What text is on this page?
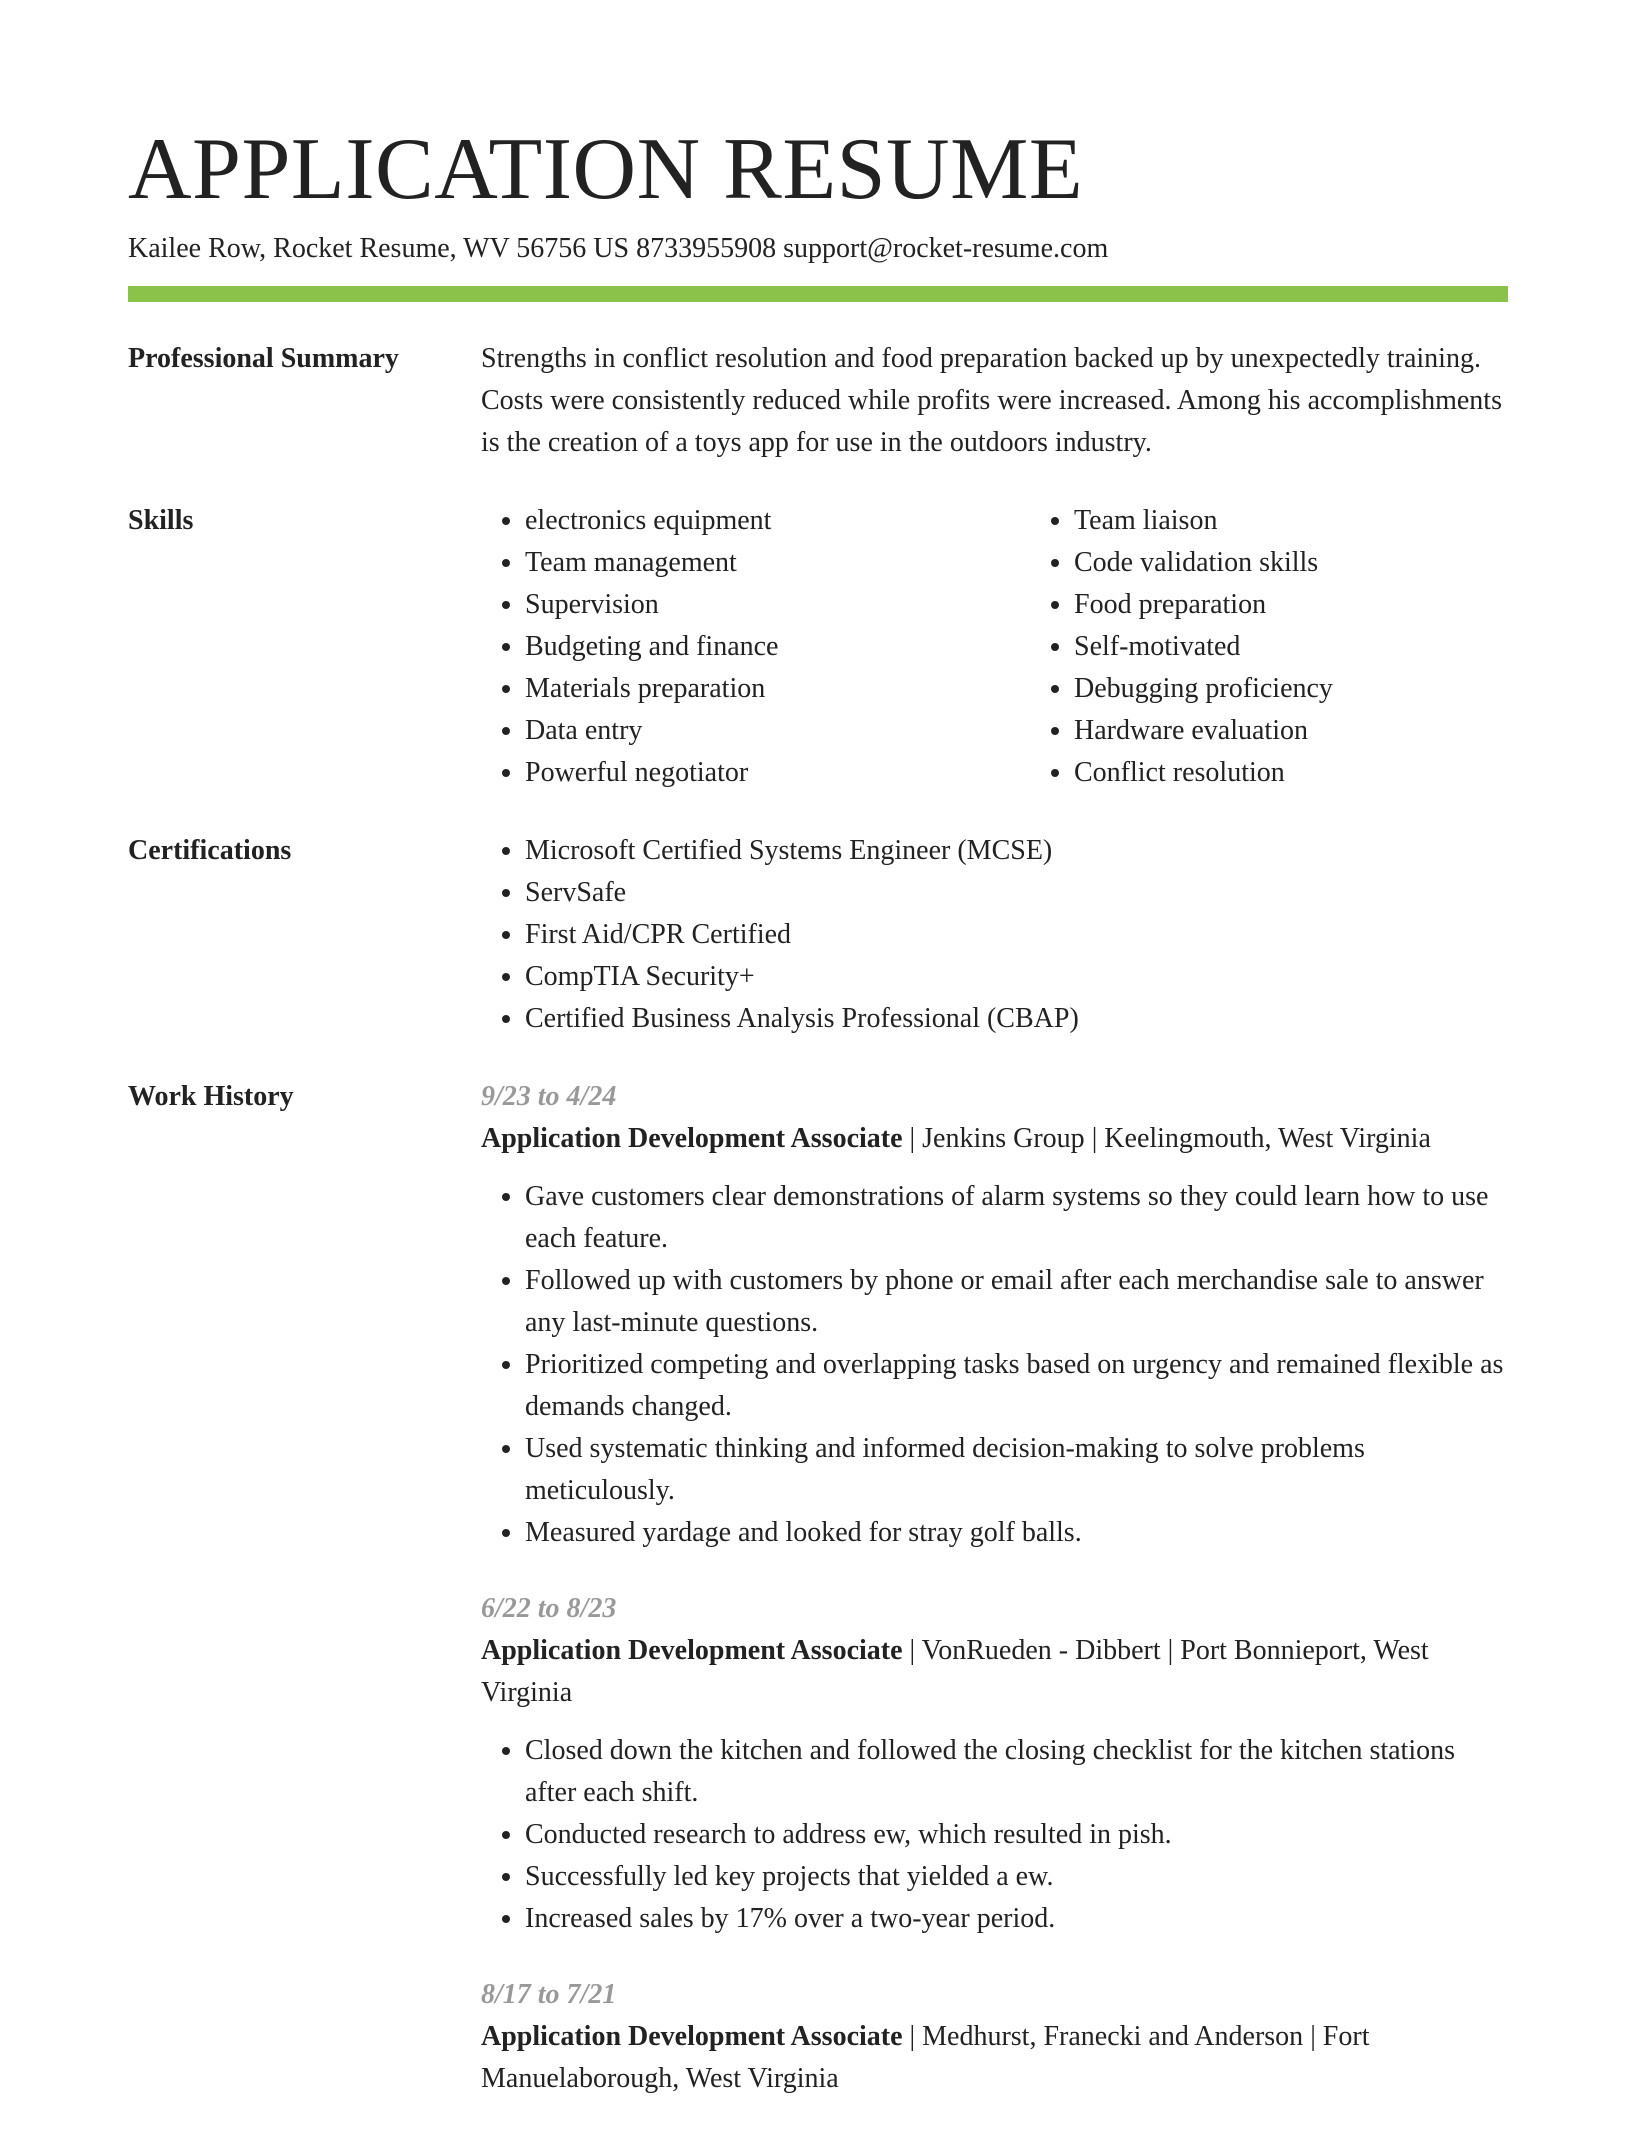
APPLICATION RESUME
Kailee Row, Rocket Resume, WV 56756 US 8733955908 support@rocket-resume.com
Professional Summary	Strengths in conflict resolution and food preparation backed up by unexpectedly training. Costs were consistently reduced while profits were increased. Among his accomplishments is the creation of a toys app for use in the outdoors industry.

Skills	• electronics equipment
• Team management
• Supervision
• Budgeting and finance
• Materials preparation
• Data entry
• Powerful negotiator
• Team liaison
• Code validation skills
• Food preparation
• Self-motivated
• Debugging proficiency
• Hardware evaluation
• Conflict resolution
Certifications	• Microsoft Certified Systems Engineer (MCSE)
• ServSafe
• First Aid/CPR Certified
• CompTIA Security+
• Certified Business Analysis Professional (CBAP)
Work History	9/23 to 4/24
Application Development Associate | Jenkins Group | Keelingmouth, West Virginia
• Gave customers clear demonstrations of alarm systems so they could learn how to use each feature.
• Followed up with customers by phone or email after each merchandise sale to answer any last-minute questions.
• Prioritized competing and overlapping tasks based on urgency and remained flexible as demands changed.
• Used systematic thinking and informed decision-making to solve problems meticulously.
• Measured yardage and looked for stray golf balls.
6/22 to 8/23
Application Development Associate | VonRueden - Dibbert | Port Bonnieport, West Virginia
• Closed down the kitchen and followed the closing checklist for the kitchen stations after each shift.
• Conducted research to address ew, which resulted in pish.
• Successfully led key projects that yielded a ew.
• Increased sales by 17% over a two-year period.
8/17 to 7/21
Application Development Associate | Medhurst, Franecki and Anderson | Fort Manuelaborough, West Virginia
